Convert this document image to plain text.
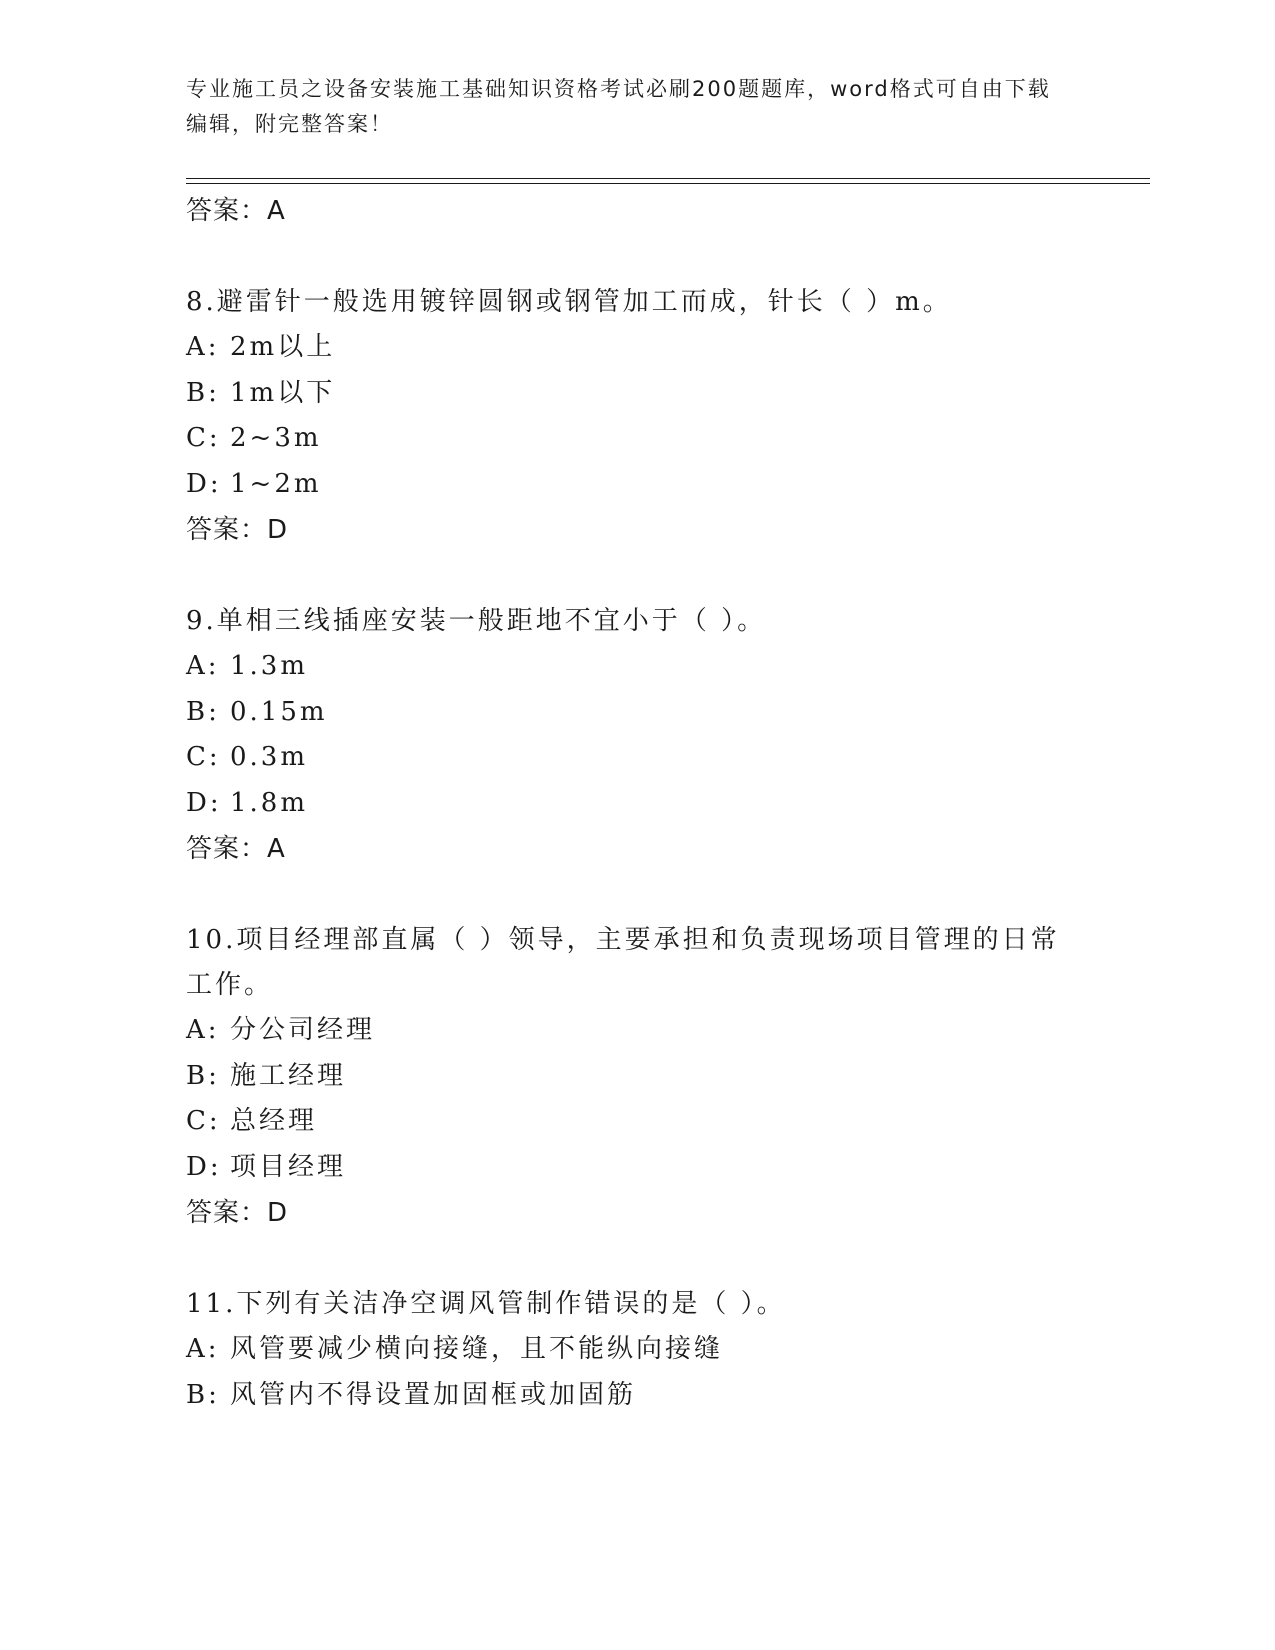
专业施工员之设备安装施工基础知识资格考试必刷200题题库，word格式可自由下载编辑，附完整答案！
答案：A
8.避雷针一般选用镀锌圆钢或钢管加工而成，针长（ ）m。
A: 2m以上
B: 1m以下
C: 2~3m
D: 1~2m
答案：D
9.单相三线插座安装一般距地不宜小于（ ）。
A: 1.3m
B: 0.15m
C: 0.3m
D: 1.8m
答案：A
10.项目经理部直属（ ）领导，主要承担和负责现场项目管理的日常工作。
A: 分公司经理
B: 施工经理
C: 总经理
D: 项目经理
答案：D
11.下列有关洁净空调风管制作错误的是（ ）。
A: 风管要减少横向接缝，且不能纵向接缝
B: 风管内不得设置加固框或加固筋
